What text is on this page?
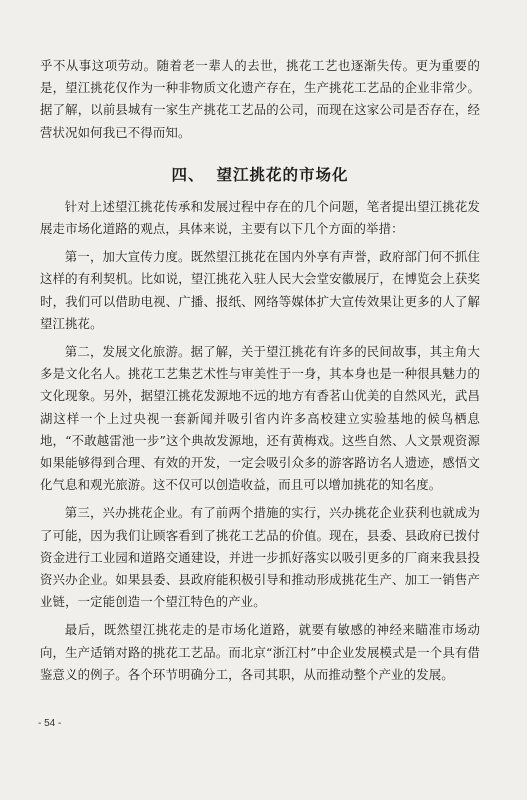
乎不从事这项劳动。随着老一辈人的去世，挑花工艺也逐渐失传。更为重要的是，望江挑花仅作为一种非物质文化遗产存在，生产挑花工艺品的企业非常少。据了解，以前县城有一家生产挑花工艺品的公司，而现在这家公司是否存在，经营状况如何我已不得而知。

四、 望江挑花的市场化

针对上述望江挑花传承和发展过程中存在的几个问题，笔者提出望江挑花发展走市场化道路的观点，具体来说，主要有以下几个方面的举措：

第一，加大宣传力度。既然望江挑花在国内外享有声誉，政府部门何不抓住这样的有利契机。比如说，望江挑花入驻人民大会堂安徽展厅，在博览会上获奖时，我们可以借助电视、广播、报纸、网络等媒体扩大宣传效果让更多的人了解望江挑花。

第二，发展文化旅游。据了解，关于望江挑花有许多的民间故事，其主角大多是文化名人。挑花工艺集艺术性与审美性于一身，其本身也是一种很具魅力的文化现象。另外，据望江挑花发源地不远的地方有香茗山优美的自然风光，武昌湖这样一个上过央视一套新闻并吸引省内许多高校建立实验基地的候鸟栖息地，“不敢越雷池一步”这个典故发源地，还有黄梅戏。这些自然、人文景观资源如果能够得到合理、有效的开发，一定会吸引众多的游客路访名人遗迹，感悟文化气息和观光旅游。这不仅可以创造收益，而且可以增加挑花的知名度。

第三，兴办挑花企业。有了前两个措施的实行，兴办挑花企业获利也就成为了可能，因为我们让顾客看到了挑花工艺品的价值。现在，县委、县政府已拨付资金进行工业园和道路交通建设，并进一步抓好落实以吸引更多的厂商来我县投资兴办企业。如果县委、县政府能积极引导和推动形成挑花生产、加工一销售产业链，一定能创造一个望江特色的产业。

最后，既然望江挑花走的是市场化道路，就要有敏感的神经来瞄准市场动向，生产适销对路的挑花工艺品。而北京“浙江村”中企业发展模式是一个具有借鉴意义的例子。各个环节明确分工，各司其职，从而推动整个产业的发展。

- 54 -
